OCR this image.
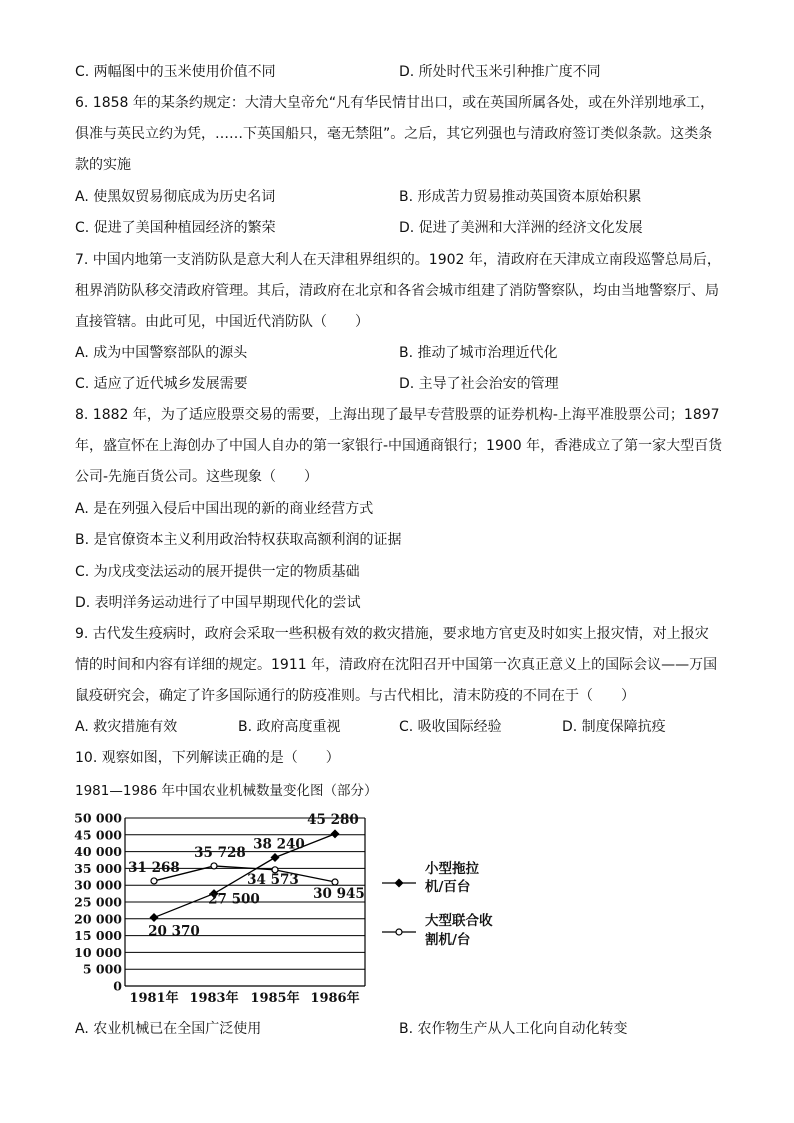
C. 两幅图中的玉米使用价值不同	D. 所处时代玉米引种推广度不同
6. 1858 年的某条约规定：大清大皇帝允“凡有华民情甘出口，或在英国所属各处，或在外洋别地承工，
俱准与英民立约为凭，……下英国船只，毫无禁阻”。之后，其它列强也与清政府签订类似条款。这类条
款的实施
A. 使黑奴贸易彻底成为历史名词	B. 形成苦力贸易推动英国资本原始积累
C. 促进了美国种植园经济的繁荣	D. 促进了美洲和大洋洲的经济文化发展
7. 中国内地第一支消防队是意大利人在天津租界组织的。1902 年，清政府在天津成立南段巡警总局后，
租界消防队移交清政府管理。其后，清政府在北京和各省会城市组建了消防警察队，均由当地警察厅、局
直接管辖。由此可见，中国近代消防队（　　）
A. 成为中国警察部队的源头	B. 推动了城市治理近代化
C. 适应了近代城乡发展需要	D. 主导了社会治安的管理
8. 1882 年，为了适应股票交易的需要，上海出现了最早专营股票的证券机构-上海平准股票公司；1897
年，盛宣怀在上海创办了中国人自办的第一家银行-中国通商银行；1900 年，香港成立了第一家大型百货
公司-先施百货公司。这些现象（　　）
A. 是在列强入侵后中国出现的新的商业经营方式
B. 是官僚资本主义利用政治特权获取高额利润的证据
C. 为戊戌变法运动的展开提供一定的物质基础
D. 表明洋务运动进行了中国早期现代化的尝试
9. 古代发生疫病时，政府会采取一些积极有效的救灾措施，要求地方官吏及时如实上报灾情，对上报灾
情的时间和内容有详细的规定。1911 年，清政府在沈阳召开中国第一次真正意义上的国际会议——万国
鼠疫研究会，确定了许多国际通行的防疫准则。与古代相比，清末防疫的不同在于（　　）
A. 救灾措施有效	B. 政府高度重视	C. 吸收国际经验	D. 制度保障抗疫
10. 观察如图，下列解读正确的是（　　）
1981—1986 年中国农业机械数量变化图（部分）
0
5 000
10 000
15 000
20 000
25 000
30 000
35 000
40 000
45 000
50 000
1981年 1983年 1985年 1986年
20 370
27 500
38 240
45 280
31 268
35 728
34 573
30 945
小型拖拉
机/百台
大型联合收
割机/台
A. 农业机械已在全国广泛使用	B. 农作物生产从人工化向自动化转变
